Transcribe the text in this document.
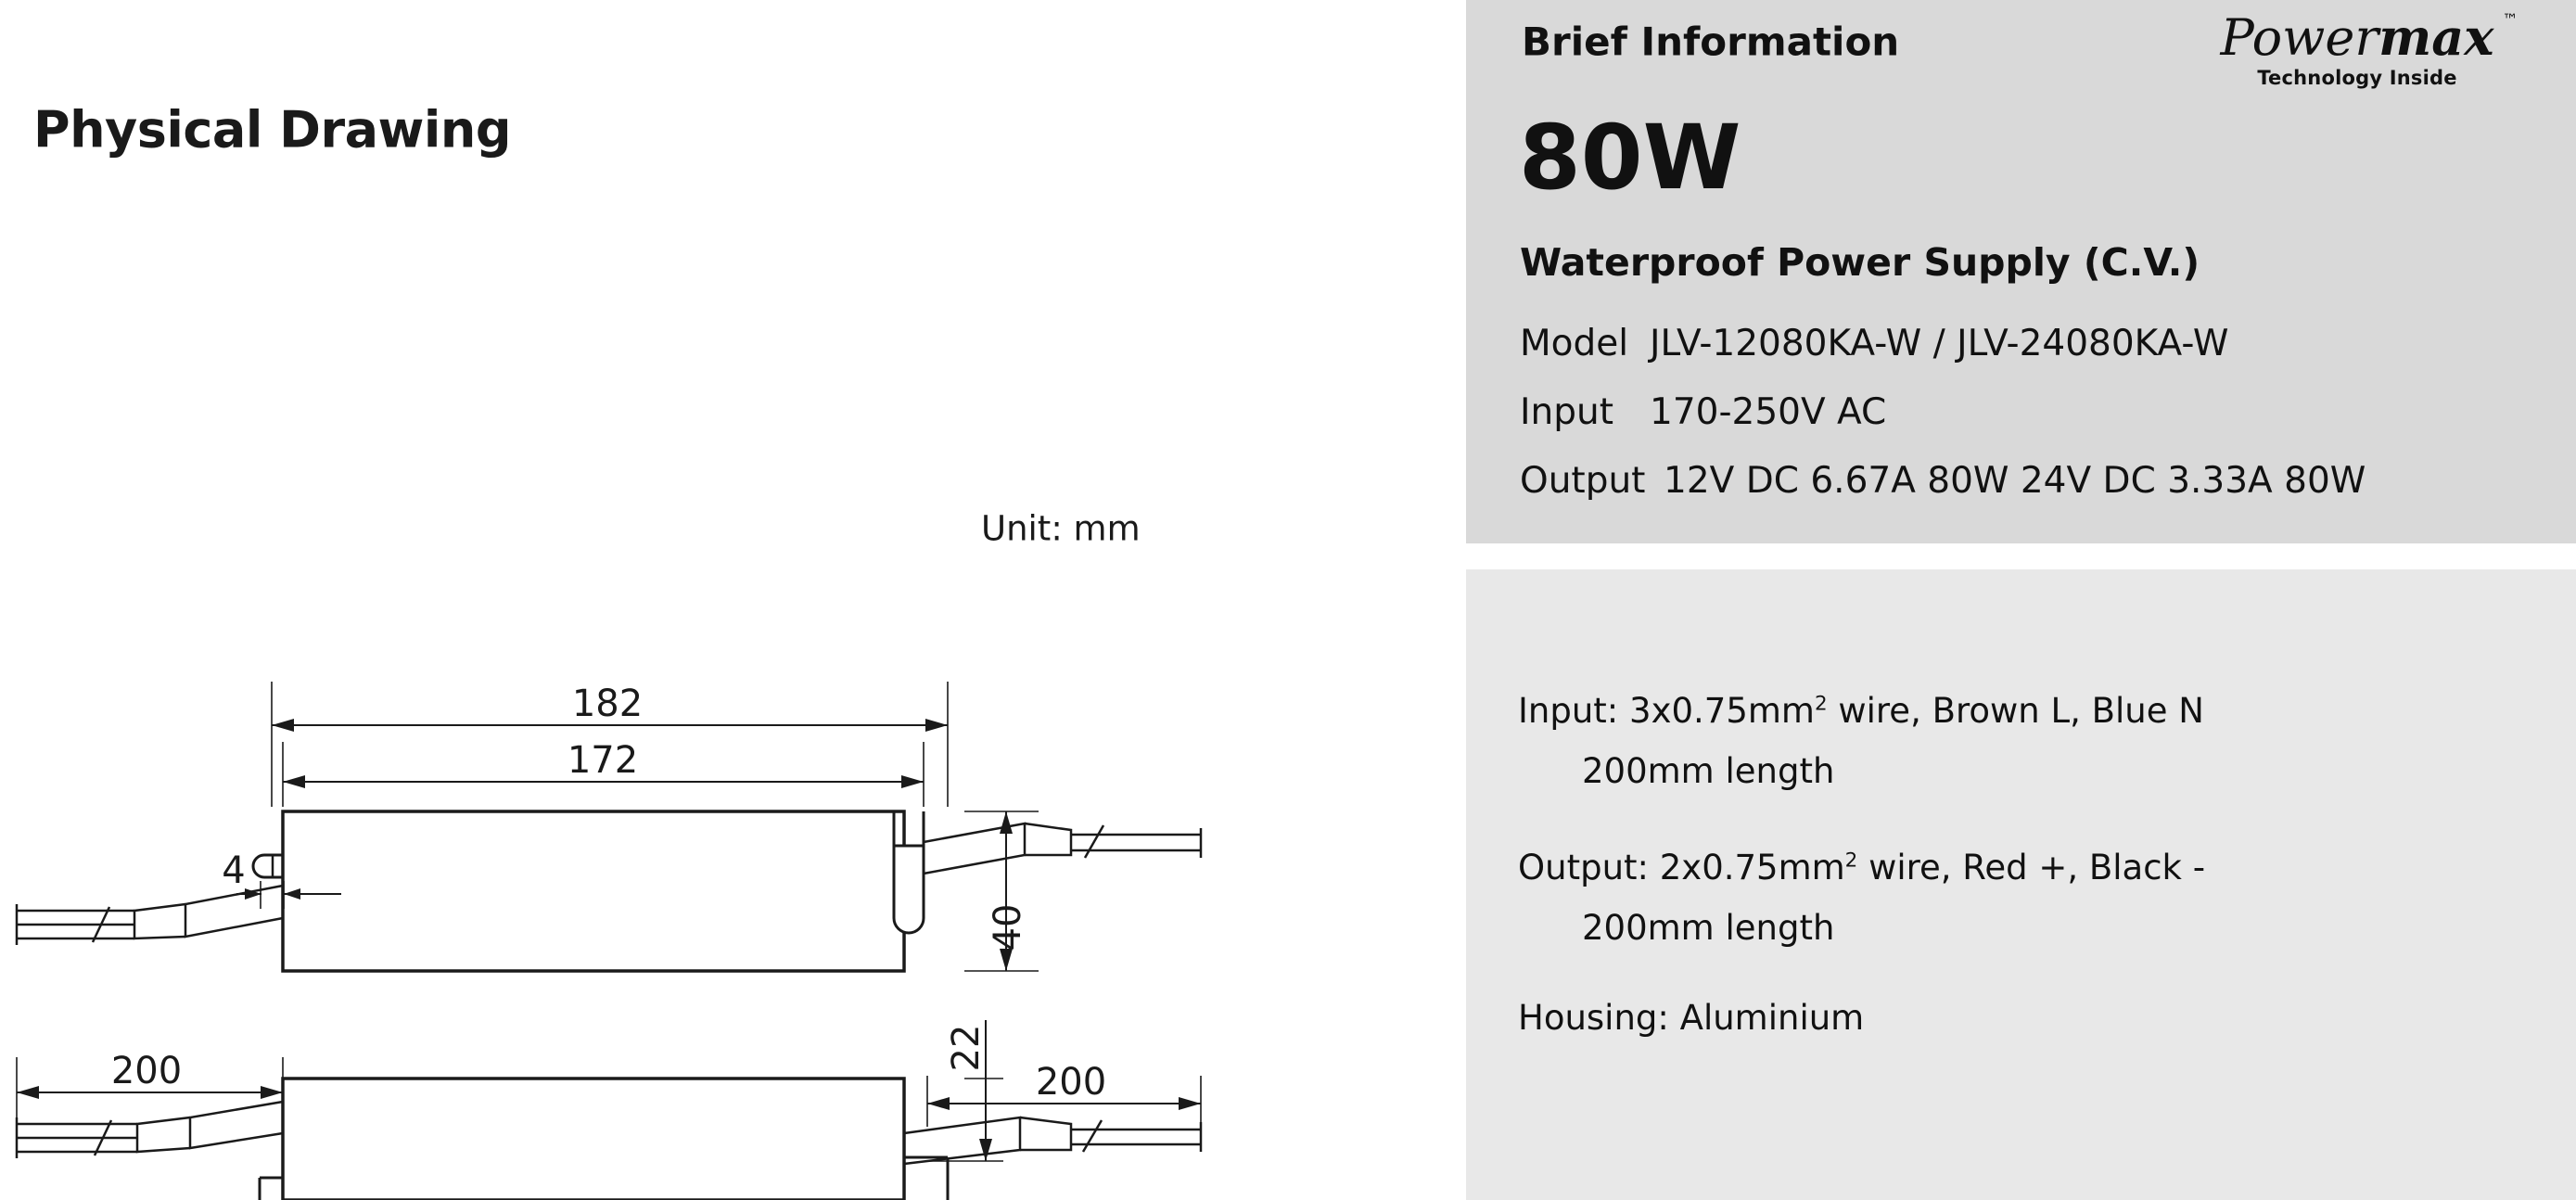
Physical Drawing
Unit: mm
182
172
4
40
22
200	200
Brief Information	Powermax ™
Technology Inside
80W
Waterproof Power Supply (C.V.)
Model JLV-12080KA-W / JLV-24080KA-W
Input 170-250V AC
Output 12V DC 6.67A 80W 24V DC 3.33A 80W
Input: $3x0.75mm^2$ wire, Brown L, Blue N
200mm length
Output: $2x0.75mm^2$ wire, Red +, Black -
200mm length
Housing: Aluminium
